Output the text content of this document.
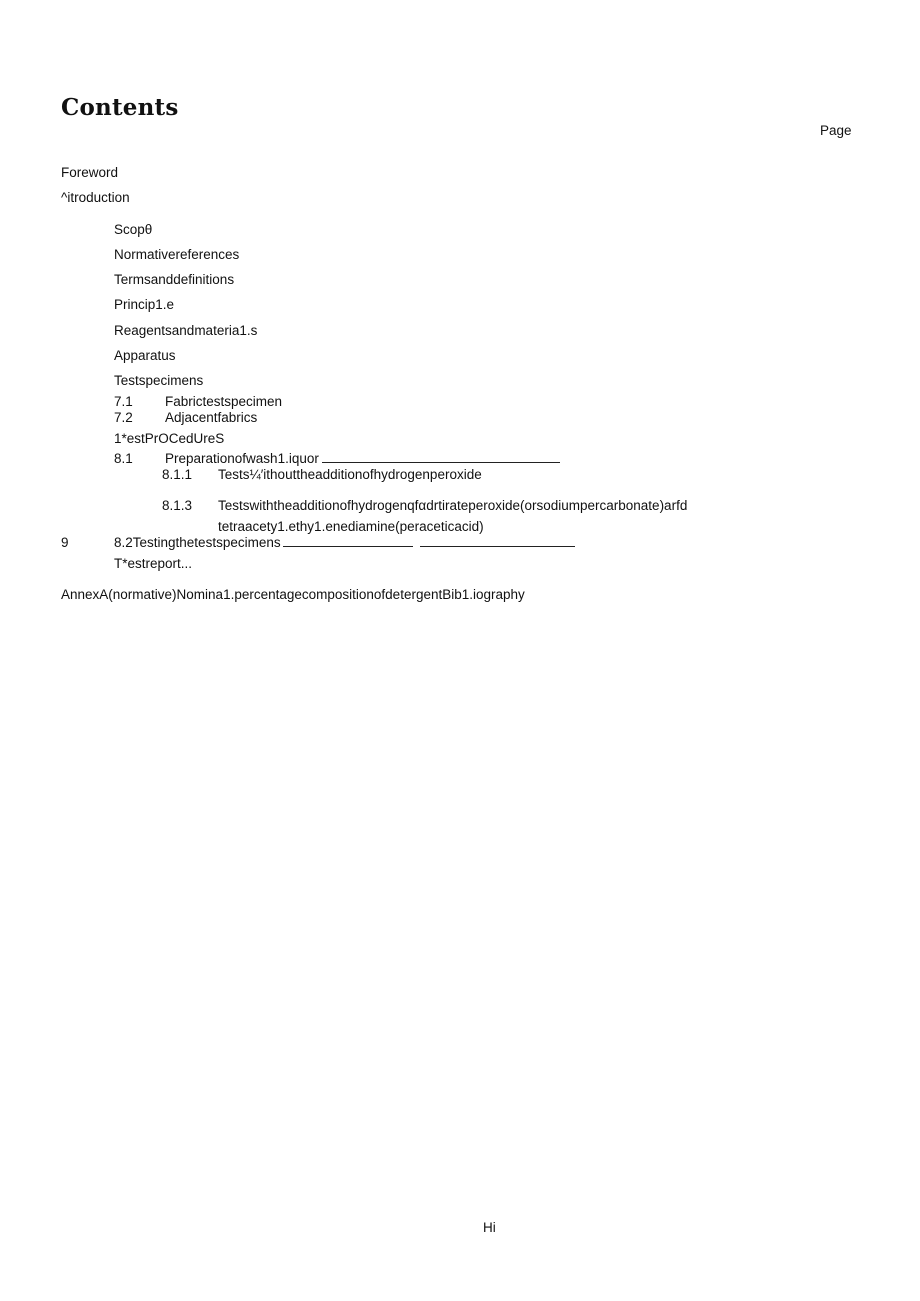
Contents
Page
Foreword
^itroduction
Scopθ
Normativereferences
Termsanddefinitions
Princip1.e
Reagentsandmateria1.s
Apparatus
Testspecimens
7.1 Fabrictestspecimen
7.2 Adjacentfabrics
1*estPrOCedUreS
8.1 Preparationofwash1.iquor
8.1.1 Tests¼′ithouttheadditionofhydrogenperoxide
8.1.3 Testswiththeadditionofhydrogenqfαdrtirateperoxide(orsodiumpercarbonate)arfd
tetraacety1.ethy1.enediamine(peraceticacid)
9	8.2Testingthetestspecimens
T*estreport...
AnnexA(normative)Nomina1.percentagecompositionofdetergentBib1.iography
Hi
